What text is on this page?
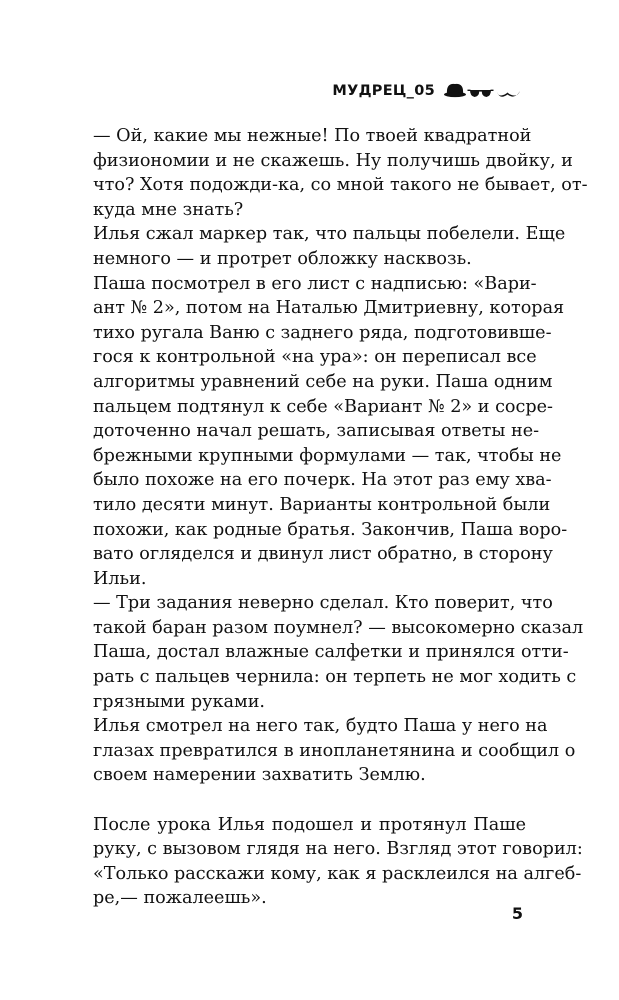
МУДРЕЦ_05

— Ой, какие мы нежные! По твоей квадратной
физиономии и не скажешь. Ну получишь двойку, и
что? Хотя подожди-ка, со мной такого не бывает, от-
куда мне знать?

Илья сжал маркер так, что пальцы побелели. Еще
немного — и протрет обложку насквозь.

Паша посмотрел в его лист с надписью: «Вари-
ант № 2», потом на Наталью Дмитриевну, которая
тихо ругала Ваню с заднего ряда, подготовивше-
гося к контрольной «на ура»: он переписал все
алгоритмы уравнений себе на руки. Паша одним
пальцем подтянул к себе «Вариант № 2» и сосре-
доточенно начал решать, записывая ответы не-
брежными крупными формулами — так, чтобы не
было похоже на его почерк. На этот раз ему хва-
тило десяти минут. Варианты контрольной были
похожи, как родные братья. Закончив, Паша воро-
вато огляделся и двинул лист обратно, в сторону
Ильи.

— Три задания неверно сделал. Кто поверит, что
такой баран разом поумнел? — высокомерно сказал
Паша, достал влажные салфетки и принялся отти-
рать с пальцев чернила: он терпеть не мог ходить с
грязными руками.

Илья смотрел на него так, будто Паша у него на
глазах превратился в инопланетянина и сообщил о
своем намерении захватить Землю.

После урока Илья подошел и протянул Паше
руку, с вызовом глядя на него. Взгляд этот говорил:
«Только расскажи кому, как я расклеился на алгеб-
ре,— пожалеешь».

5
